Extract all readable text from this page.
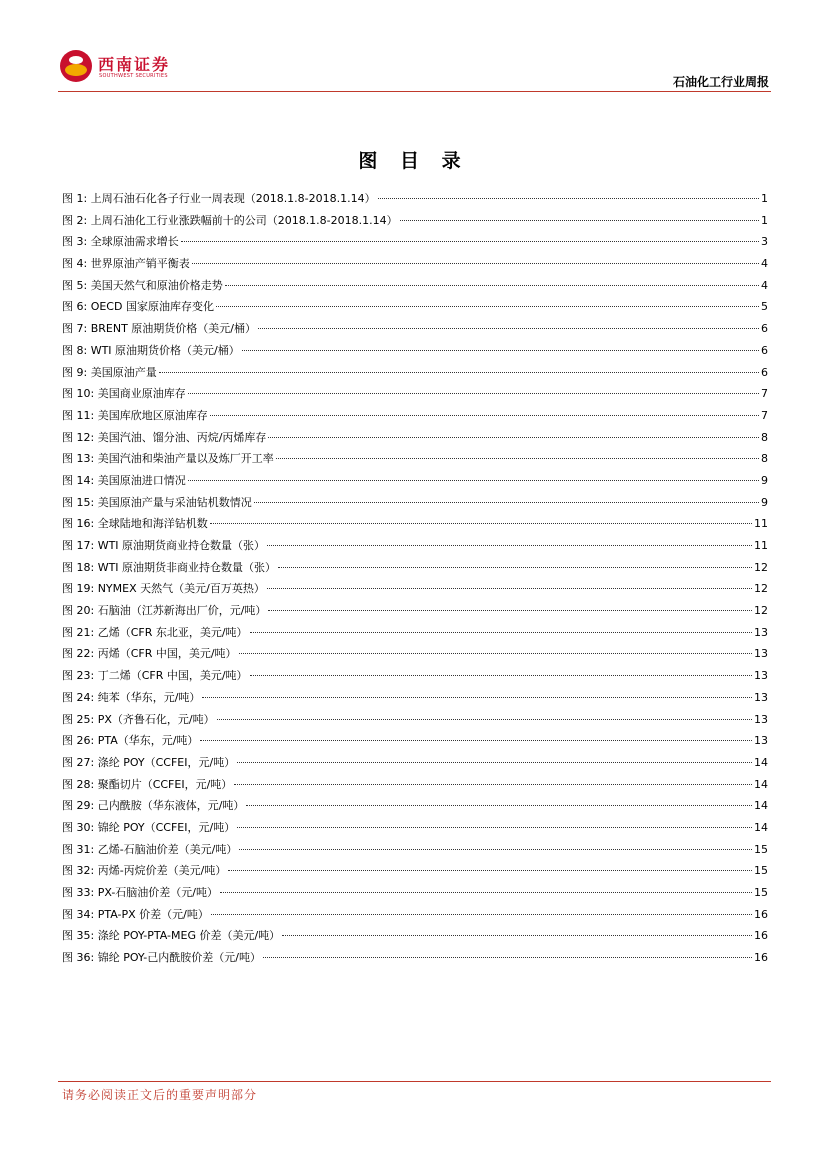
西南证券
SOUTHWEST SECURITIES	石油化工行业周报
图 目 录
图 1: 上周石油石化各子行业一周表现（2018.1.8-2018.1.14）	1
图 2: 上周石油化工行业涨跌幅前十的公司（2018.1.8-2018.1.14）	1
图 3: 全球原油需求增长	3
图 4: 世界原油产销平衡表	4
图 5: 美国天然气和原油价格走势	4
图 6: OECD 国家原油库存变化	5
图 7: BRENT 原油期货价格（美元/桶）	6
图 8: WTI 原油期货价格（美元/桶）	6
图 9: 美国原油产量	6
图 10: 美国商业原油库存	7
图 11: 美国库欣地区原油库存	7
图 12: 美国汽油、馏分油、丙烷/丙烯库存	8
图 13: 美国汽油和柴油产量以及炼厂开工率	8
图 14: 美国原油进口情况	9
图 15: 美国原油产量与采油钻机数情况	9
图 16: 全球陆地和海洋钻机数	11
图 17: WTI 原油期货商业持仓数量（张）	11
图 18: WTI 原油期货非商业持仓数量（张）	12
图 19: NYMEX 天然气（美元/百万英热）	12
图 20: 石脑油（江苏新海出厂价，元/吨）	12
图 21: 乙烯（CFR 东北亚，美元/吨）	13
图 22: 丙烯（CFR 中国，美元/吨）	13
图 23: 丁二烯（CFR 中国，美元/吨）	13
图 24: 纯苯（华东，元/吨）	13
图 25: PX（齐鲁石化，元/吨）	13
图 26: PTA（华东，元/吨）	13
图 27: 涤纶 POY（CCFEI，元/吨）	14
图 28: 聚酯切片（CCFEI，元/吨）	14
图 29: 己内酰胺（华东液体，元/吨）	14
图 30: 锦纶 POY（CCFEI，元/吨）	14
图 31: 乙烯-石脑油价差（美元/吨）	15
图 32: 丙烯-丙烷价差（美元/吨）	15
图 33: PX-石脑油价差（元/吨）	15
图 34: PTA-PX 价差（元/吨）	16
图 35: 涤纶 POY-PTA-MEG 价差（美元/吨）	16
图 36: 锦纶 POY-己内酰胺价差（元/吨）	16
请务必阅读正文后的重要声明部分
